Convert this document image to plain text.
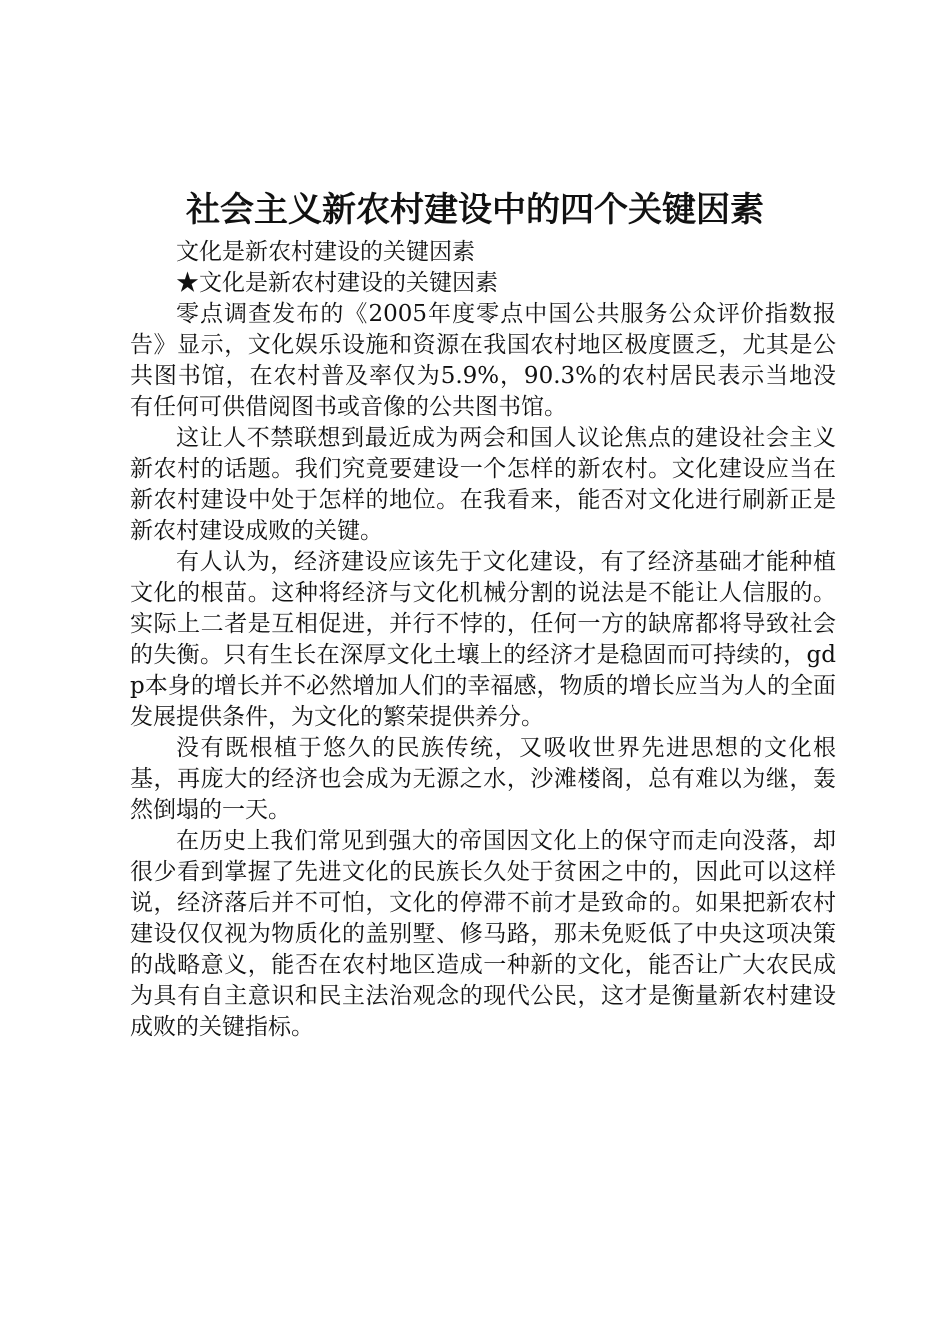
社会主义新农村建设中的四个关键因素

文化是新农村建设的关键因素

★文化是新农村建设的关键因素

零点调查发布的《2005年度零点中国公共服务公众评价指数报告》显示，文化娱乐设施和资源在我国农村地区极度匮乏，尤其是公共图书馆，在农村普及率仅为5.9%，90.3%的农村居民表示当地没有任何可供借阅图书或音像的公共图书馆。

这让人不禁联想到最近成为两会和国人议论焦点的建设社会主义新农村的话题。我们究竟要建设一个怎样的新农村。文化建设应当在新农村建设中处于怎样的地位。在我看来，能否对文化进行刷新正是新农村建设成败的关键。

有人认为，经济建设应该先于文化建设，有了经济基础才能种植文化的根苗。这种将经济与文化机械分割的说法是不能让人信服的。实际上二者是互相促进，并行不悖的，任何一方的缺席都将导致社会的失衡。只有生长在深厚文化土壤上的经济才是稳固而可持续的，gdp本身的增长并不必然增加人们的幸福感，物质的增长应当为人的全面发展提供条件，为文化的繁荣提供养分。

没有既根植于悠久的民族传统，又吸收世界先进思想的文化根基，再庞大的经济也会成为无源之水，沙滩楼阁，总有难以为继，轰然倒塌的一天。

在历史上我们常见到强大的帝国因文化上的保守而走向没落，却很少看到掌握了先进文化的民族长久处于贫困之中的，因此可以这样说，经济落后并不可怕，文化的停滞不前才是致命的。如果把新农村建设仅仅视为物质化的盖别墅、修马路，那未免贬低了中央这项决策的战略意义，能否在农村地区造成一种新的文化，能否让广大农民成为具有自主意识和民主法治观念的现代公民，这才是衡量新农村建设成败的关键指标。
